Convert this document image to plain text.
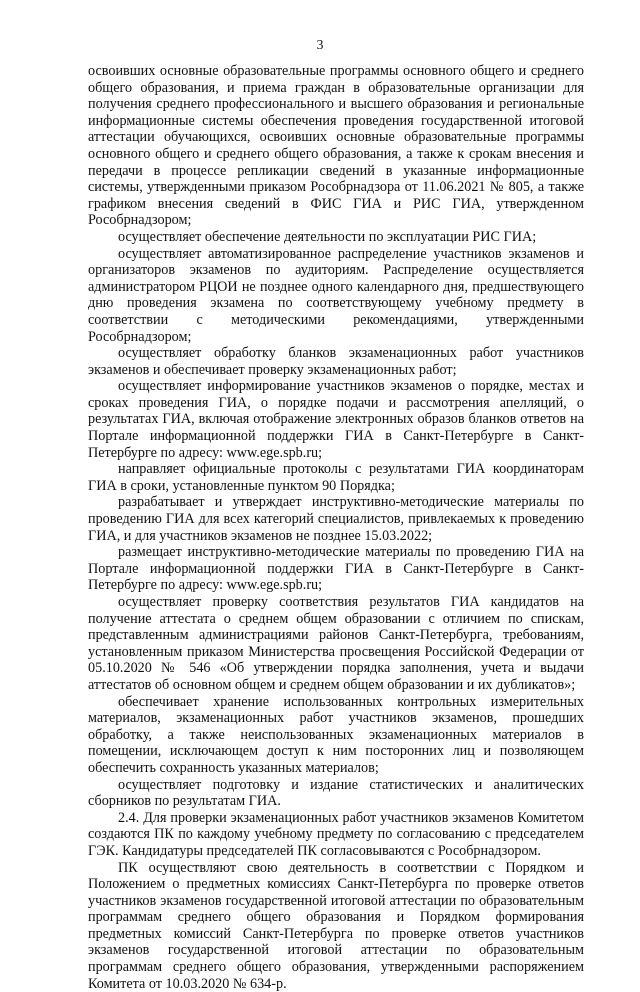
3

освоивших основные образовательные программы основного общего и среднего общего образования, и приема граждан в образовательные организации для получения среднего профессионального и высшего образования и региональные информационные системы обеспечения проведения государственной итоговой аттестации обучающихся, освоивших основные образовательные программы основного общего и среднего общего образования, а также к срокам внесения и передачи в процессе репликации сведений в указанные информационные системы, утвержденными приказом Рособрнадзора от 11.06.2021 № 805, а также графиком внесения сведений в ФИС ГИА и РИС ГИА, утвержденном Рособрнадзором;

осуществляет обеспечение деятельности по эксплуатации РИС ГИА;

осуществляет автоматизированное распределение участников экзаменов и организаторов экзаменов по аудиториям. Распределение осуществляется администратором РЦОИ не позднее одного календарного дня, предшествующего дню проведения экзамена по соответствующему учебному предмету в соответствии с методическими рекомендациями, утвержденными Рособрнадзором;

осуществляет обработку бланков экзаменационных работ участников экзаменов и обеспечивает проверку экзаменационных работ;

осуществляет информирование участников экзаменов о порядке, местах и сроках проведения ГИА, о порядке подачи и рассмотрения апелляций, о результатах ГИА, включая отображение электронных образов бланков ответов на Портале информационной поддержки ГИА в Санкт-Петербурге в Санкт-Петербурге по адресу: www.ege.spb.ru;

направляет официальные протоколы с результатами ГИА координаторам ГИА в сроки, установленные пунктом 90 Порядка;

разрабатывает и утверждает инструктивно-методические материалы по проведению ГИА для всех категорий специалистов, привлекаемых к проведению ГИА, и для участников экзаменов не позднее 15.03.2022;

размещает инструктивно-методические материалы по проведению ГИА на Портале информационной поддержки ГИА в Санкт-Петербурге в Санкт-Петербурге по адресу: www.ege.spb.ru;

осуществляет проверку соответствия результатов ГИА кандидатов на получение аттестата о среднем общем образовании с отличием по спискам, представленным администрациями районов Санкт-Петербурга, требованиям, установленным приказом Министерства просвещения Российской Федерации от 05.10.2020 № 546 «Об утверждении порядка заполнения, учета и выдачи аттестатов об основном общем и среднем общем образовании и их дубликатов»;

обеспечивает хранение использованных контрольных измерительных материалов, экзаменационных работ участников экзаменов, прошедших обработку, а также неиспользованных экзаменационных материалов в помещении, исключающем доступ к ним посторонних лиц и позволяющем обеспечить сохранность указанных материалов;

осуществляет подготовку и издание статистических и аналитических сборников по результатам ГИА.

2.4. Для проверки экзаменационных работ участников экзаменов Комитетом создаются ПК по каждому учебному предмету по согласованию с председателем ГЭК. Кандидатуры председателей ПК согласовываются с Рособрнадзором.

ПК осуществляют свою деятельность в соответствии с Порядком и Положением о предметных комиссиях Санкт-Петербурга по проверке ответов участников экзаменов государственной итоговой аттестации по образовательным программам среднего общего образования и Порядком формирования предметных комиссий Санкт-Петербурга по проверке ответов участников экзаменов государственной итоговой аттестации по образовательным программам среднего общего образования, утвержденными распоряжением Комитета от 10.03.2020 № 634-р.
